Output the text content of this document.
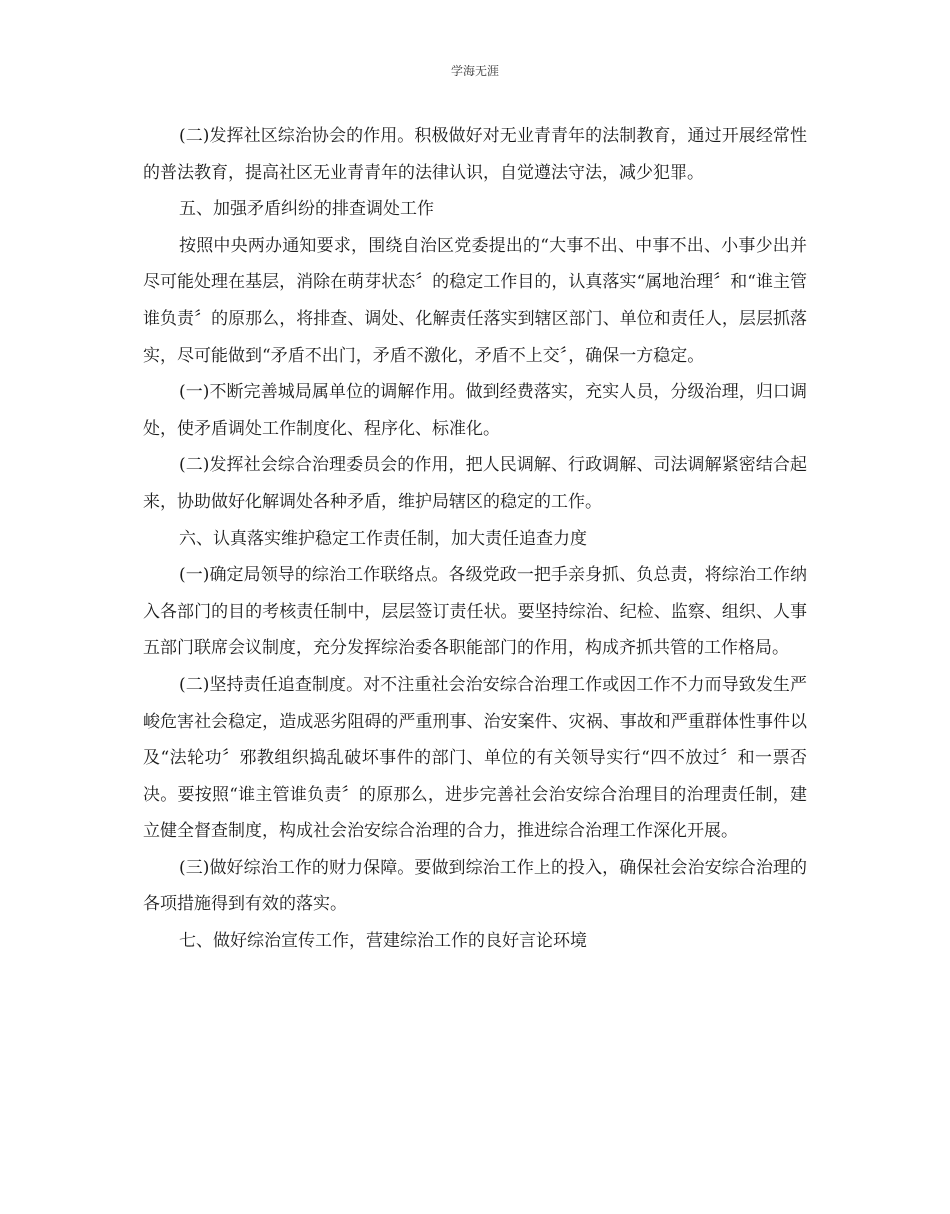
学海无涯

(二)发挥社区综治协会的作用。积极做好对无业青青年的法制教育，通过开展经常性的普法教育，提高社区无业青青年的法律认识，自觉遵法守法，减少犯罪。

五、加强矛盾纠纷的排查调处工作

按照中央两办通知要求，围绕自治区党委提出的“大事不出、中事不出、小事少出并尽可能处理在基层，消除在萌芽状态〞的稳定工作目的，认真落实“属地治理〞和“谁主管谁负责〞的原那么，将排查、调处、化解责任落实到辖区部门、单位和责任人，层层抓落实，尽可能做到“矛盾不出门，矛盾不激化，矛盾不上交〞，确保一方稳定。

(一)不断完善城局属单位的调解作用。做到经费落实，充实人员，分级治理，归口调处，使矛盾调处工作制度化、程序化、标准化。

(二)发挥社会综合治理委员会的作用，把人民调解、行政调解、司法调解紧密结合起来，协助做好化解调处各种矛盾，维护局辖区的稳定的工作。

六、认真落实维护稳定工作责任制，加大责任追查力度

(一)确定局领导的综治工作联络点。各级党政一把手亲身抓、负总责，将综治工作纳入各部门的目的考核责任制中，层层签订责任状。要坚持综治、纪检、监察、组织、人事五部门联席会议制度，充分发挥综治委各职能部门的作用，构成齐抓共管的工作格局。

(二)坚持责任追查制度。对不注重社会治安综合治理工作或因工作不力而导致发生严峻危害社会稳定，造成恶劣阻碍的严重刑事、治安案件、灾祸、事故和严重群体性事件以及“法轮功〞邪教组织捣乱破坏事件的部门、单位的有关领导实行“四不放过〞和一票否决。要按照“谁主管谁负责〞的原那么，进步完善社会治安综合治理目的治理责任制，建立健全督查制度，构成社会治安综合治理的合力，推进综合治理工作深化开展。

(三)做好综治工作的财力保障。要做到综治工作上的投入，确保社会治安综合治理的各项措施得到有效的落实。

七、做好综治宣传工作，营建综治工作的良好言论环境
